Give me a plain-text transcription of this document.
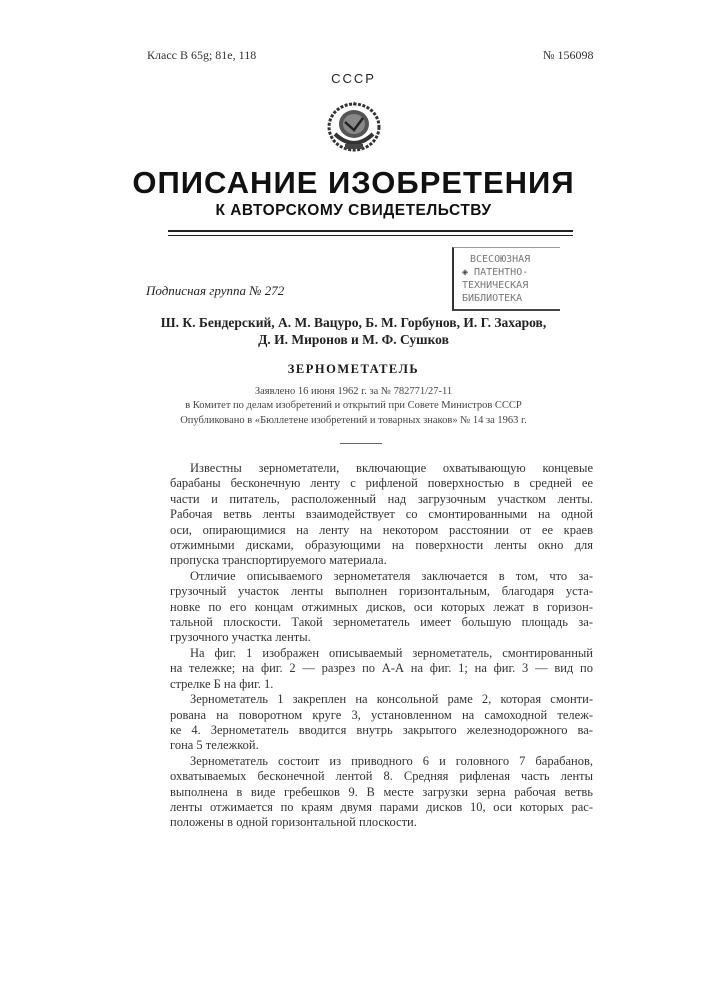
Класс В 65g; 81е, 118	№ 156098
СССР
ОПИСАНИЕ ИЗОБРЕТЕНИЯ
К АВТОРСКОМУ СВИДЕТЕЛЬСТВУ
Подписная группа № 272
ВСЕСОЮЗНАЯ
◈ ПАТЕНТНО-
ТЕХНИЧЕСКАЯ
БИБЛИОТЕКА
Ш. К. Бендерский, А. М. Вацуро, Б. М. Горбунов, И. Г. Захаров,
Д. И. Миронов и М. Ф. Сушков
ЗЕРНОМЕТАТЕЛЬ
Заявлено 16 июня 1962 г. за № 782771/27-11
в Комитет по делам изобретений и открытий при Совете Министров СССР
Опубликовано в «Бюллетене изобретений и товарных знаков» № 14 за 1963 г.
Известны зернометатели, включающие охватывающую концевые
барабаны бесконечную ленту с рифленой поверхностью в средней ее
части и питатель, расположенный над загрузочным участком ленты.
Рабочая ветвь ленты взаимодействует со смонтированными на одной
оси, опирающимися на ленту на некотором расстоянии от ее краев
отжимными дисками, образующими на поверхности ленты окно для
пропуска транспортируемого материала.
Отличие описываемого зернометателя заключается в том, что за-
грузочный участок ленты выполнен горизонтальным, благодаря уста-
новке по его концам отжимных дисков, оси которых лежат в горизон-
тальной плоскости. Такой зернометатель имеет большую площадь за-
грузочного участка ленты.
На фиг. 1 изображен описываемый зернометатель, смонтированный
на тележке; на фиг. 2 — разрез по А-А на фиг. 1; на фиг. 3 — вид по
стрелке Б на фиг. 1.
Зернометатель 1 закреплен на консольной раме 2, которая смонти-
рована на поворотном круге 3, установленном на самоходной тележ-
ке 4. Зернометатель вводится внутрь закрытого железнодорожного ва-
гона 5 тележкой.
Зернометатель состоит из приводного 6 и головного 7 барабанов,
охватываемых бесконечной лентой 8. Средняя рифленая часть ленты
выполнена в виде гребешков 9. В месте загрузки зерна рабочая ветвь
ленты отжимается по краям двумя парами дисков 10, оси которых рас-
положены в одной горизонтальной плоскости.
